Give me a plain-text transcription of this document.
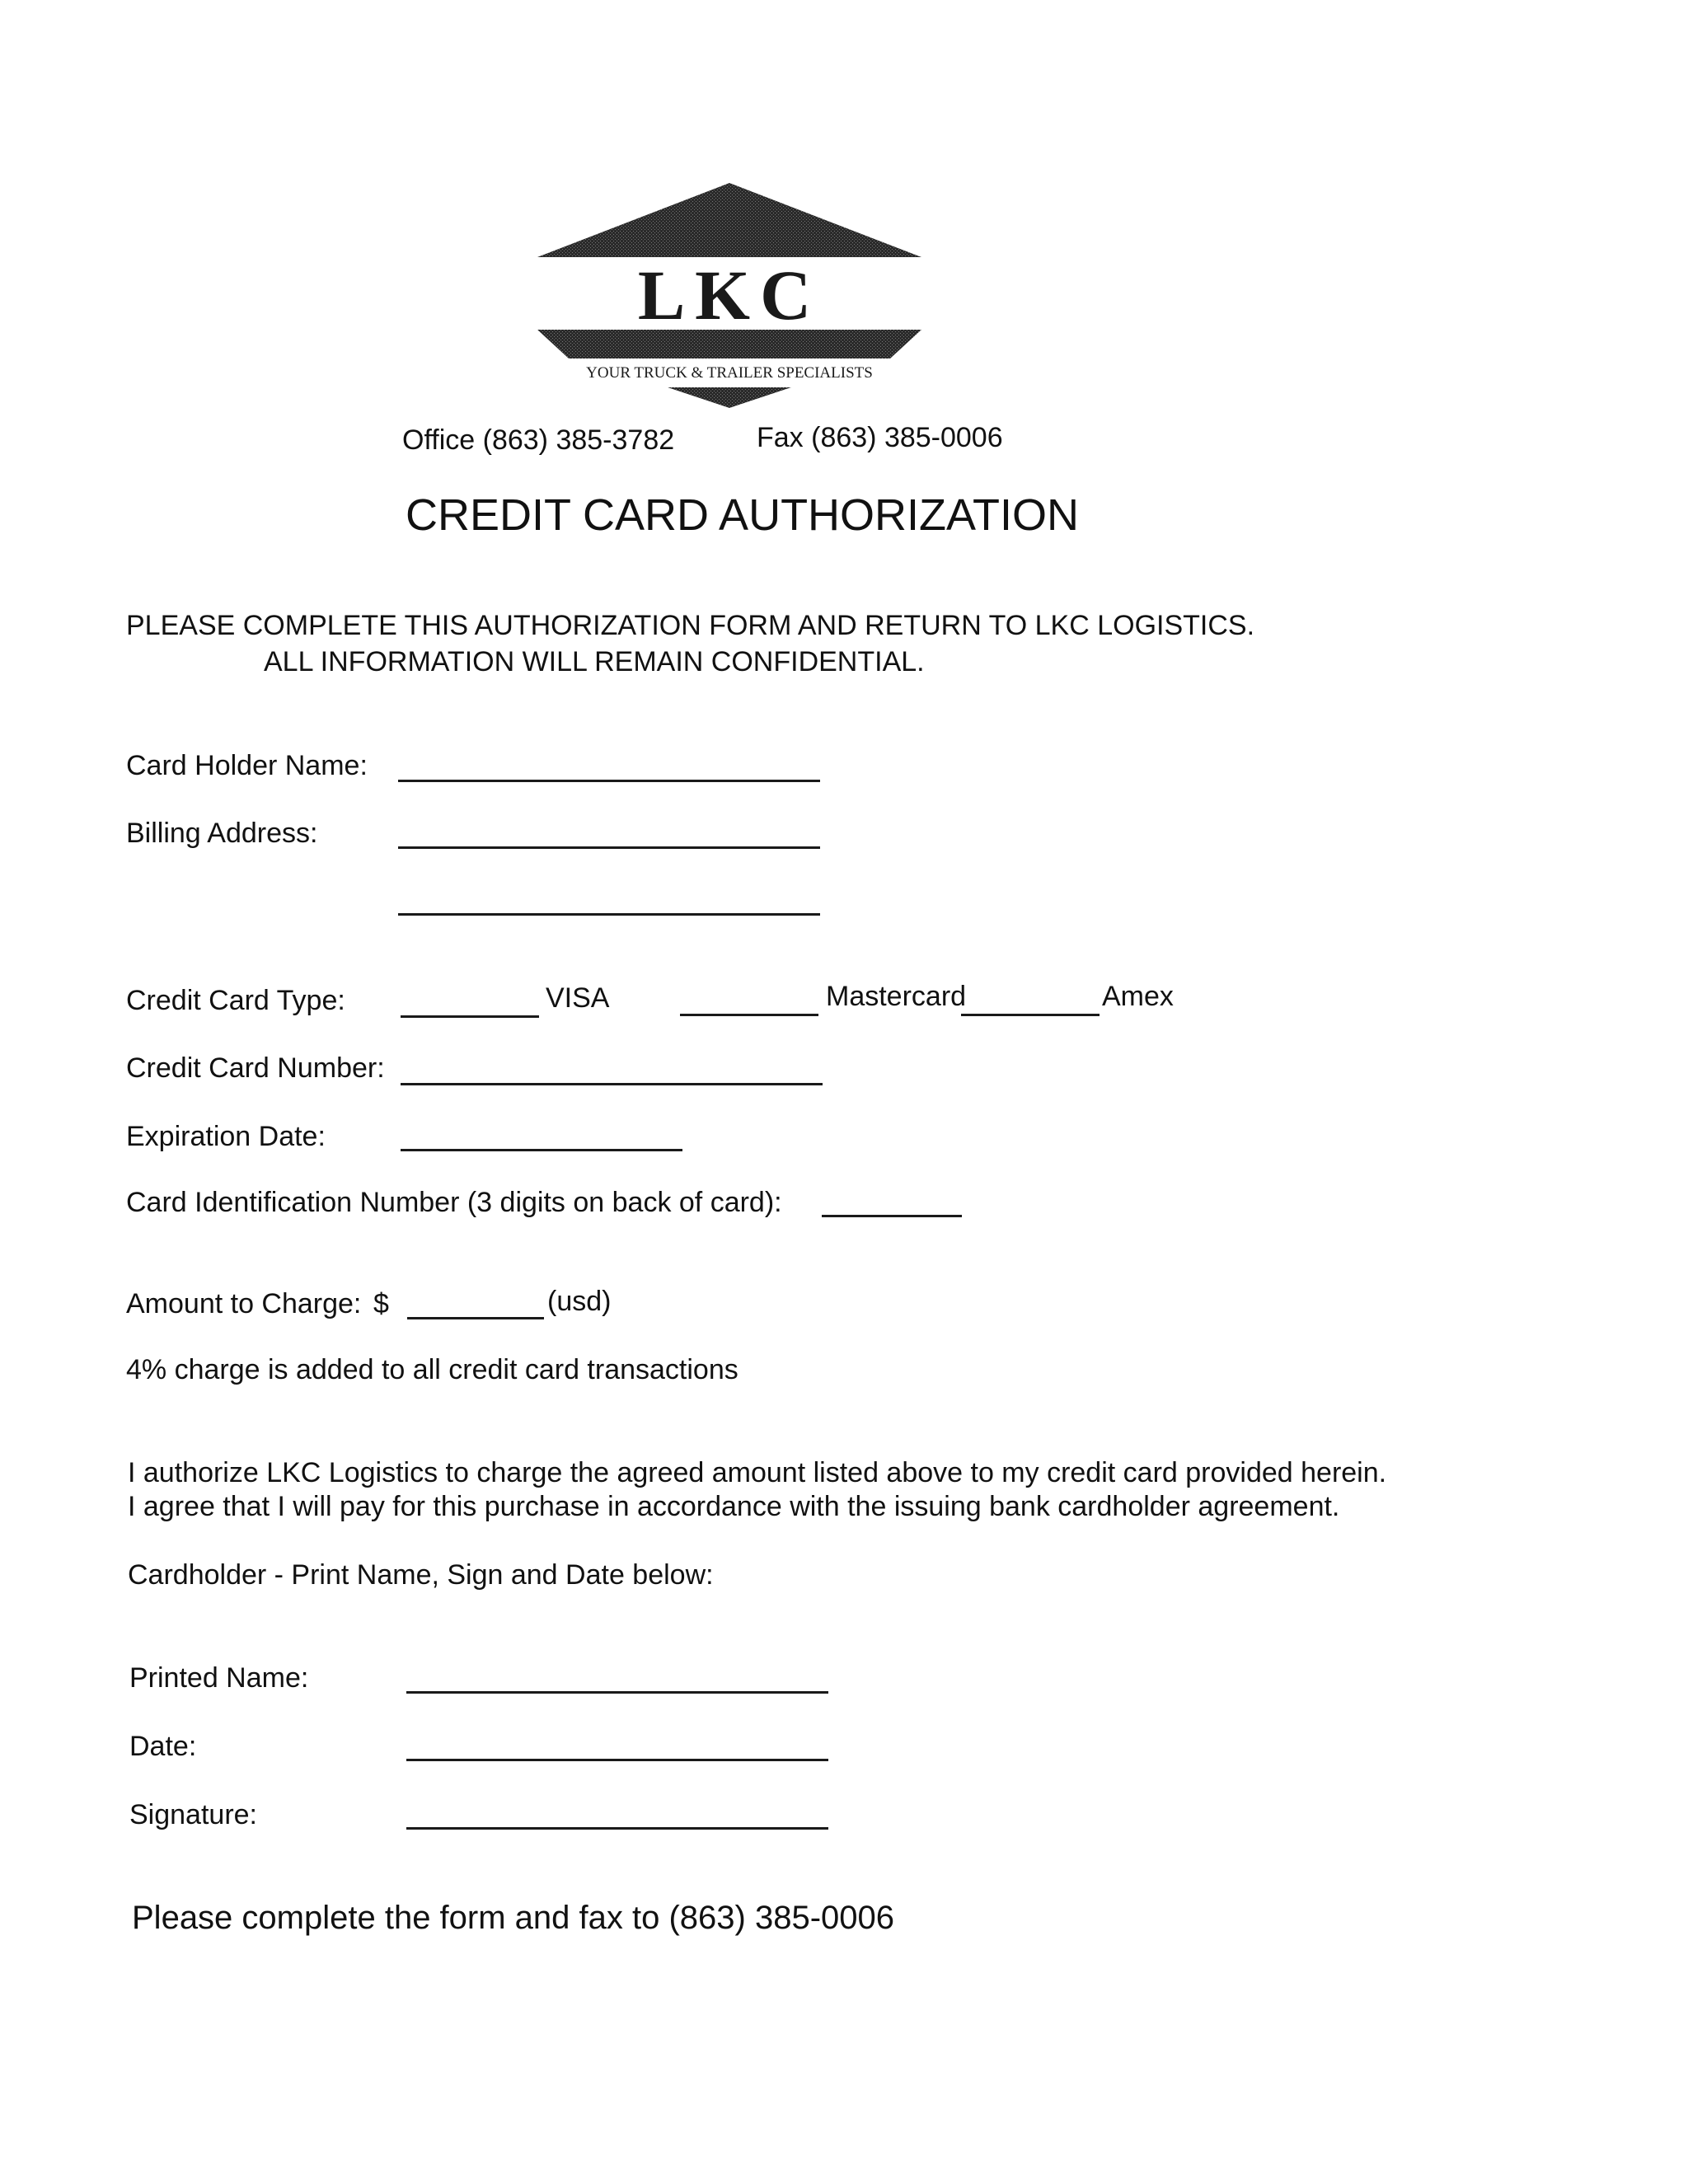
LKC
YOUR TRUCK & TRAILER SPECIALISTS
Office (863) 385-3782	Fax (863) 385-0006
CREDIT CARD AUTHORIZATION
PLEASE COMPLETE THIS AUTHORIZATION FORM AND RETURN TO LKC LOGISTICS.
ALL INFORMATION WILL REMAIN CONFIDENTIAL.
Card Holder Name:
Billing Address:
Credit Card Type:	VISA	Mastercard	Amex
Credit Card Number:
Expiration Date:
Card Identification Number (3 digits on back of card):
Amount to Charge: $	(usd)
4% charge is added to all credit card transactions
I authorize LKC Logistics to charge the agreed amount listed above to my credit card provided herein.
I agree that I will pay for this purchase in accordance with the issuing bank cardholder agreement.
Cardholder - Print Name, Sign and Date below:
Printed Name:
Date:
Signature:
Please complete the form and fax to (863) 385-0006
